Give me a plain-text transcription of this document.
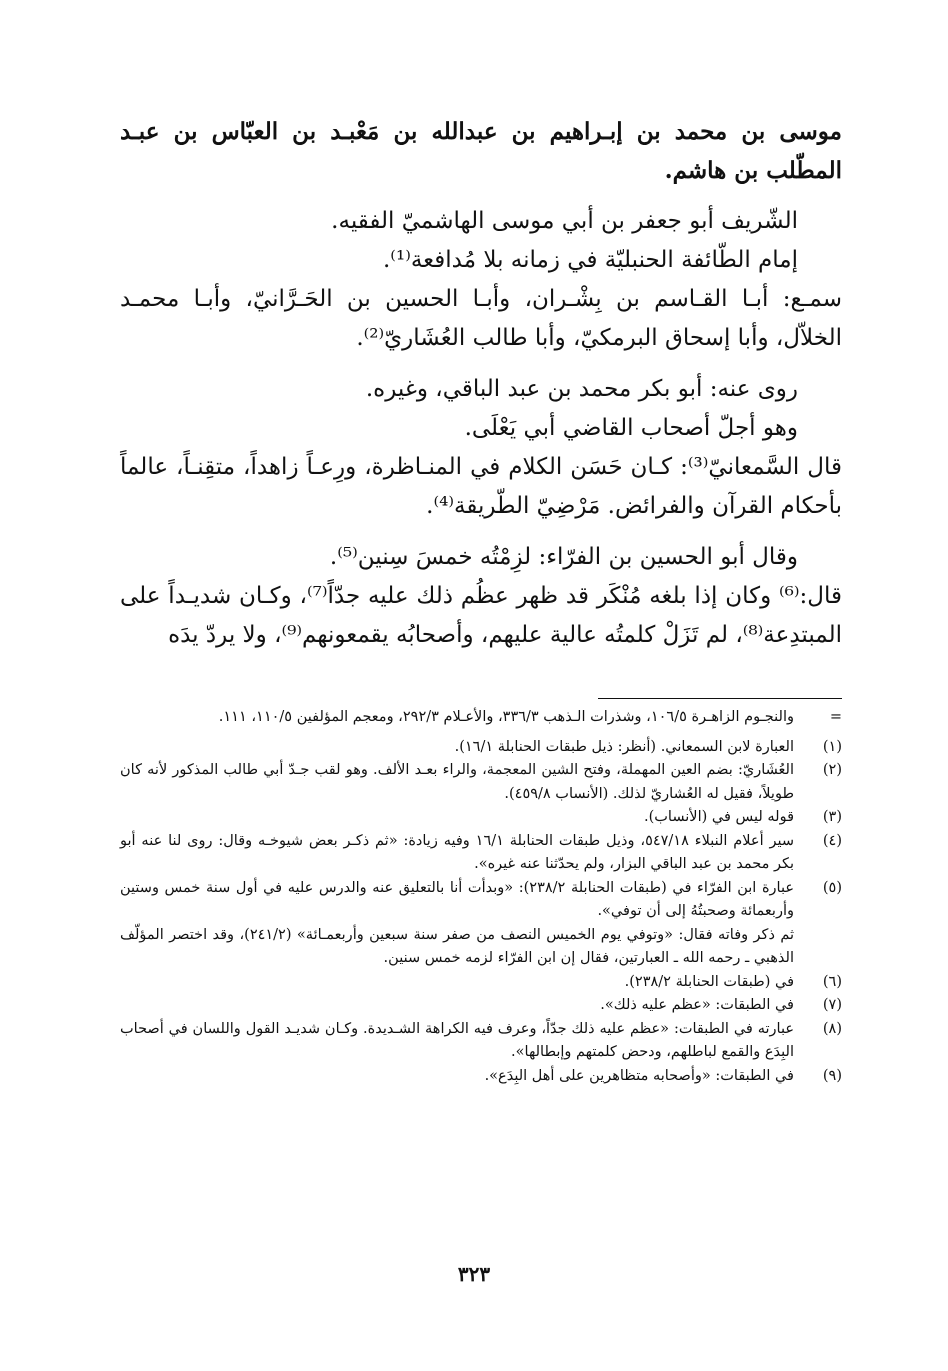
موسى بن محمد بن إبـراهيم بن عبدالله بن مَعْبـد بن العبّاس بن عبـد المطّلب بن هاشم.

الشّريف أبو جعفر بن أبي موسى الهاشميّ الفقيه.

إمام الطّائفة الحنبليّة في زمانه بلا مُدافعة⁽¹⁾.

سمـع: أبـا القـاسم بن بِشْـران، وأبـا الحسين بن الحَـرَّانيّ، وأبـا محمـد الخلاّل، وأبا إسحاق البرمكيّ، وأبا طالب العُشَاريّ⁽²⁾.

روى عنه: أبو بكر محمد بن عبد الباقي، وغيره.

وهو أجلّ أصحاب القاضي أبي يَعْلَى.

قال السَّمعانيّ⁽³⁾: كـان حَسَن الكلام في المنـاظرة، ورِعـاً زاهداً، متقِنـاً، عالماً بأحكام القرآن والفرائض. مَرْضِيّ الطّريقة⁽⁴⁾.

وقال أبو الحسين بن الفرّاء: لزِمْتُه خمسَ سِنين⁽⁵⁾.

قال:⁽⁶⁾ وكان إذا بلغه مُنْكَر قد ظهر عظُم ذلك عليه جدّاً⁽⁷⁾، وكـان شديـداً على المبتدِعة⁽⁸⁾، لم تَزَلْ كلمتُه عالية عليهم، وأصحابُه يقمعونهم⁽⁹⁾، ولا يردّ يدَه

=
والنجـوم الزاهـرة ١٠٦/٥، وشذرات الـذهب ٣٣٦/٣، والأعـلام ٢٩٢/٣، ومعجم المؤلفين ١١٠/٥، ١١١.
(١)
العبارة لابن السمعاني. (أنظر: ذيل طبقات الحنابلة ١٦/١).
(٢)
العُشَاريّ: بضم العين المهملة، وفتح الشين المعجمة، والراء بعـد الألف. وهو لقب جـدّ أبي طالب المذكور لأنه كان طويلاً، فقيل له العُشاريّ لذلك. (الأنساب ٤٥٩/٨).
(٣)
قوله ليس في (الأنساب).
(٤)
سير أعلام النبلاء ٥٤٧/١٨، وذيل طبقات الحنابلة ١٦/١ وفيه زيادة: «ثم ذكـر بعض شيوخـه وقال: روى لنا عنه أبو بكر محمد بن عبد الباقي البزار، ولم يحدّثنا عنه غيره».
(٥)
عبارة ابن الفرّاء في (طبقات الحنابلة ٢٣٨/٢): «وبدأت أنا بالتعليق عنه والدرس عليه في أول سنة خمس وستين وأربعمائة وصحبتُهُ إلى أن توفي».

ثم ذكر وفاته فقال: «وتوفي يوم الخميس النصف من صفر سنة سبعين وأربعمـائة» (٢٤١/٢)، وقد اختصر المؤلّف الذهبي ـ رحمه الله ـ العبارتين، فقال إن ابن الفرّاء لزمه خمس سنين.

(٦)
في (طبقات الحنابلة ٢٣٨/٢).
(٧)
في الطبقات: «عظم عليه ذلك».
(٨)
عبارته في الطبقات: «عظم عليه ذلك جدّاً، وعرف فيه الكراهة الشـديدة. وكـان شديـد القول واللسان في أصحاب البِدَع والقمع لباطلهم، ودحض كلمتهم وإبطالها».
(٩)
في الطبقات: «وأصحابه متظاهرين على أهل البِدَع».
٣٢٣
